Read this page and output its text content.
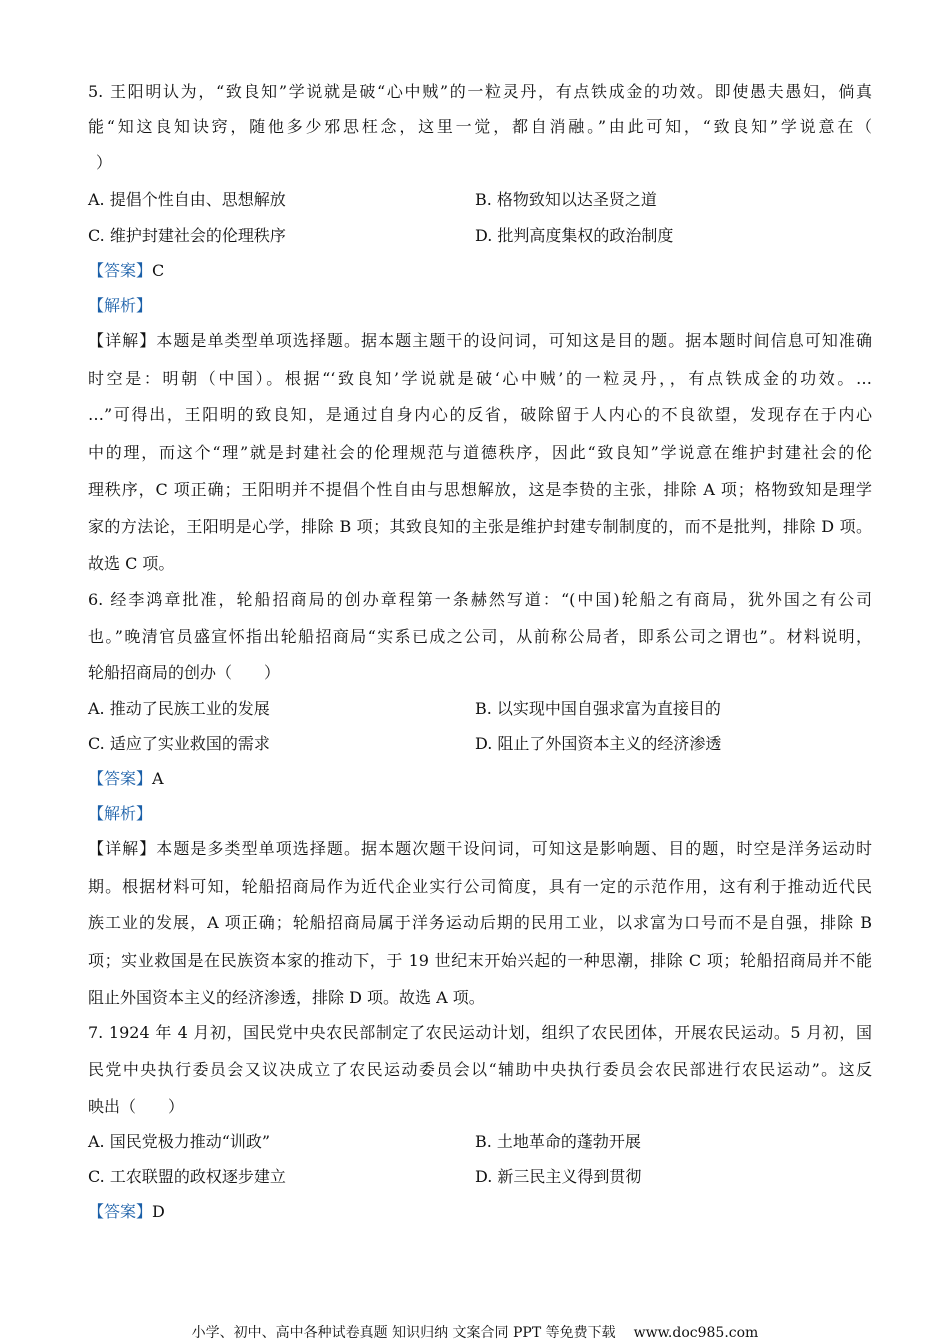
5. 王阳明认为，“致良知”学说就是破“心中贼”的一粒灵丹，有点铁成金的功效。即使愚夫愚妇，倘真
能“知这良知诀窍，随他多少邪思枉念，这里一觉，都自消融。”由此可知，“致良知”学说意在（
）
A. 提倡个性自由、思想解放	B. 格物致知以达圣贤之道
C. 维护封建社会的伦理秩序	D. 批判高度集权的政治制度
【答案】C
【解析】
【详解】本题是单类型单项选择题。据本题主题干的设问词，可知这是目的题。据本题时间信息可知准确
时空是：明朝（中国）。根据“‘致良知’学说就是破‘心中贼’的一粒灵丹，，有点铁成金的功效。…
…”可得出，王阳明的致良知，是通过自身内心的反省，破除留于人内心的不良欲望，发现存在于内心
中的理，而这个“理”就是封建社会的伦理规范与道德秩序，因此“致良知”学说意在维护封建社会的伦
理秩序，C 项正确；王阳明并不提倡个性自由与思想解放，这是李贽的主张，排除 A 项；格物致知是理学
家的方法论，王阳明是心学，排除 B 项；其致良知的主张是维护封建专制制度的，而不是批判，排除 D 项。
故选 C 项。
6. 经李鸿章批准，轮船招商局的创办章程第一条赫然写道：“(中国)轮船之有商局，犹外国之有公司
也。”晚清官员盛宣怀指出轮船招商局“实系已成之公司，从前称公局者，即系公司之谓也”。材料说明，
轮船招商局的创办（　　）
A. 推动了民族工业的发展	B. 以实现中国自强求富为直接目的
C. 适应了实业救国的需求	D. 阻止了外国资本主义的经济渗透
【答案】A
【解析】
【详解】本题是多类型单项选择题。据本题次题干设问词，可知这是影响题、目的题，时空是洋务运动时
期。根据材料可知，轮船招商局作为近代企业实行公司简度，具有一定的示范作用，这有利于推动近代民
族工业的发展，A 项正确；轮船招商局属于洋务运动后期的民用工业，以求富为口号而不是自强，排除 B
项；实业救国是在民族资本家的推动下，于 19 世纪末开始兴起的一种思潮，排除 C 项；轮船招商局并不能
阻止外国资本主义的经济渗透，排除 D 项。故选 A 项。
7. 1924 年 4 月初，国民党中央农民部制定了农民运动计划，组织了农民团体，开展农民运动。5 月初，国
民党中央执行委员会又议决成立了农民运动委员会以“辅助中央执行委员会农民部进行农民运动”。这反
映出（　　）
A. 国民党极力推动“训政”	B. 土地革命的蓬勃开展
C. 工农联盟的政权逐步建立	D. 新三民主义得到贯彻
【答案】D
小学、初中、高中各种试卷真题 知识归纳 文案合同 PPT 等免费下载 www.doc985.com
